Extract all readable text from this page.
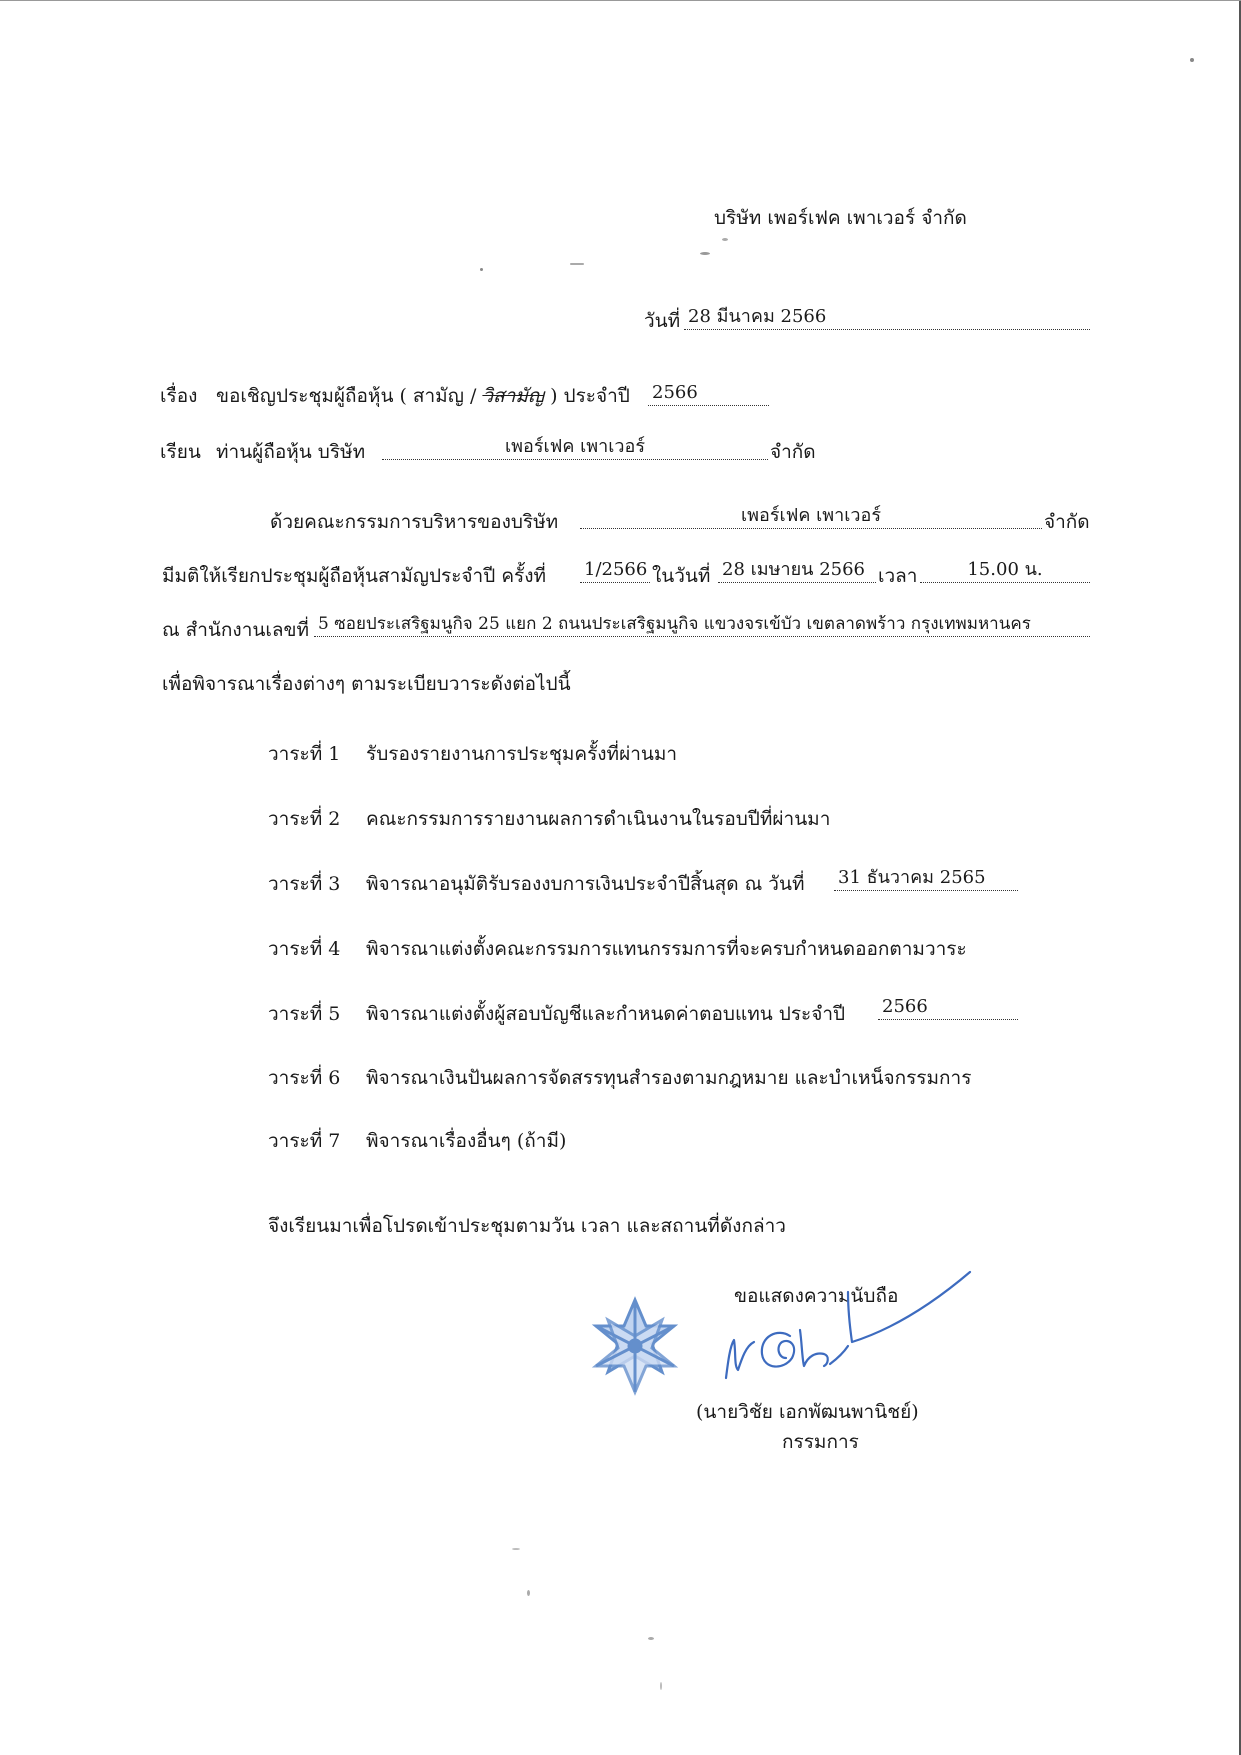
บริษัท เพอร์เฟค เพาเวอร์ จำกัด
วันที่ 28 มีนาคม 2566
เรื่อง ขอเชิญประชุมผู้ถือหุ้น ( สามัญ / วิสามัญ ) ประจำปี 2566
เรียน ท่านผู้ถือหุ้น บริษัท	เพอร์เฟค เพาเวอร์	จำกัด
ด้วยคณะกรรมการบริหารของบริษัท	เพอร์เฟค เพาเวอร์	จำกัด
มีมติให้เรียกประชุมผู้ถือหุ้นสามัญประจำปี ครั้งที่ 1/2566 ในวันที่ 28 เมษายน 2566 เวลา	15.00 น.
ณ สำนักงานเลขที่ 5 ซอยประเสริฐมนูกิจ 25 แยก 2 ถนนประเสริฐมนูกิจ แขวงจรเข้บัว เขตลาดพร้าว กรุงเทพมหานคร
เพื่อพิจารณาเรื่องต่างๆ ตามระเบียบวาระดังต่อไปนี้
วาระที่ 1 รับรองรายงานการประชุมครั้งที่ผ่านมา
วาระที่ 2 คณะกรรมการรายงานผลการดำเนินงานในรอบปีที่ผ่านมา
วาระที่ 3 พิจารณาอนุมัติรับรองงบการเงินประจำปีสิ้นสุด ณ วันที่ 31 ธันวาคม 2565
วาระที่ 4 พิจารณาแต่งตั้งคณะกรรมการแทนกรรมการที่จะครบกำหนดออกตามวาระ
วาระที่ 5 พิจารณาแต่งตั้งผู้สอบบัญชีและกำหนดค่าตอบแทน ประจำปี 2566
วาระที่ 6 พิจารณาเงินปันผลการจัดสรรทุนสำรองตามกฎหมาย และบำเหน็จกรรมการ
วาระที่ 7 พิจารณาเรื่องอื่นๆ (ถ้ามี)
จึงเรียนมาเพื่อโปรดเข้าประชุมตามวัน เวลา และสถานที่ดังกล่าว
ขอแสดงความนับถือ
(นายวิชัย เอกพัฒนพานิชย์)
กรรมการ
